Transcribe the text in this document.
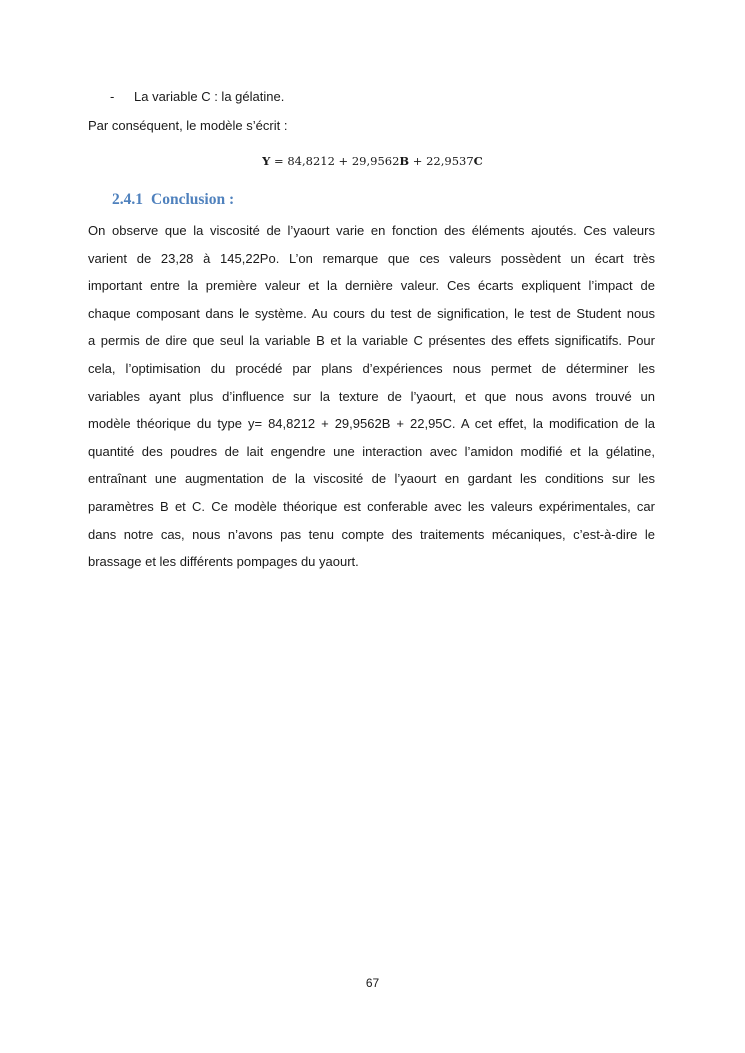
- La variable C : la gélatine.
Par conséquent, le modèle s’écrit :
Y = 84,8212 + 29,9562B + 22,9537C
2.4.1 Conclusion :
On observe que la viscosité de l’yaourt varie en fonction des éléments ajoutés. Ces valeurs
varient de 23,28 à 145,22Po. L’on remarque que ces valeurs possèdent un écart très
important entre la première valeur et la dernière valeur. Ces écarts expliquent l’impact de
chaque composant dans le système. Au cours du test de signification, le test de Student nous
a permis de dire que seul la variable B et la variable C présentes des effets significatifs. Pour
cela, l’optimisation du procédé par plans d’expériences nous permet de déterminer les
variables ayant plus d’influence sur la texture de l’yaourt, et que nous avons trouvé un
modèle théorique du type y= 84,8212 + 29,9562B + 22,95C. A cet effet, la modification de la
quantité des poudres de lait engendre une interaction avec l’amidon modifié et la gélatine,
entraînant une augmentation de la viscosité de l’yaourt en gardant les conditions sur les
paramètres B et C. Ce modèle théorique est conferable avec les valeurs expérimentales, car
dans notre cas, nous n’avons pas tenu compte des traitements mécaniques, c’est-à-dire le
brassage et les différents pompages du yaourt.
67
